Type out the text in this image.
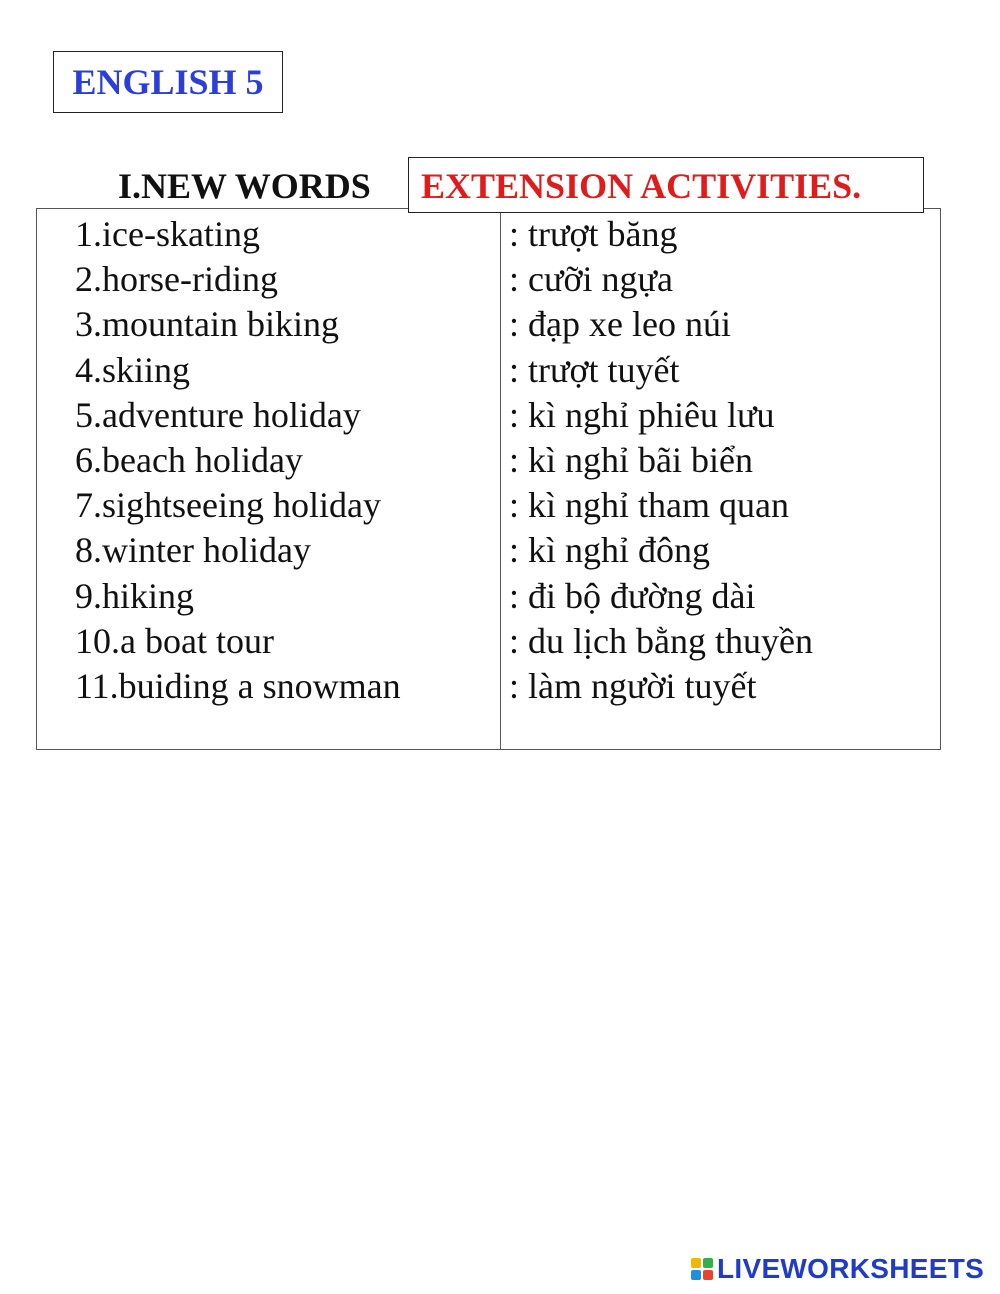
ENGLISH 5
I.NEW WORDS	EXTENSION ACTIVITIES.
1.ice-skating
2.horse-riding
3.mountain biking
4.skiing
5.adventure holiday
6.beach holiday
7.sightseeing holiday
8.winter holiday
9.hiking
10.a boat tour
11.buiding a snowman
: trượt băng
: cưỡi ngựa
: đạp xe leo núi
: trượt tuyết
: kì nghỉ phiêu lưu
: kì nghỉ bãi biển
: kì nghỉ tham quan
: kì nghỉ đông
: đi bộ đường dài
: du lịch bằng thuyền
: làm người tuyết
LIVEWORKSHEETS
